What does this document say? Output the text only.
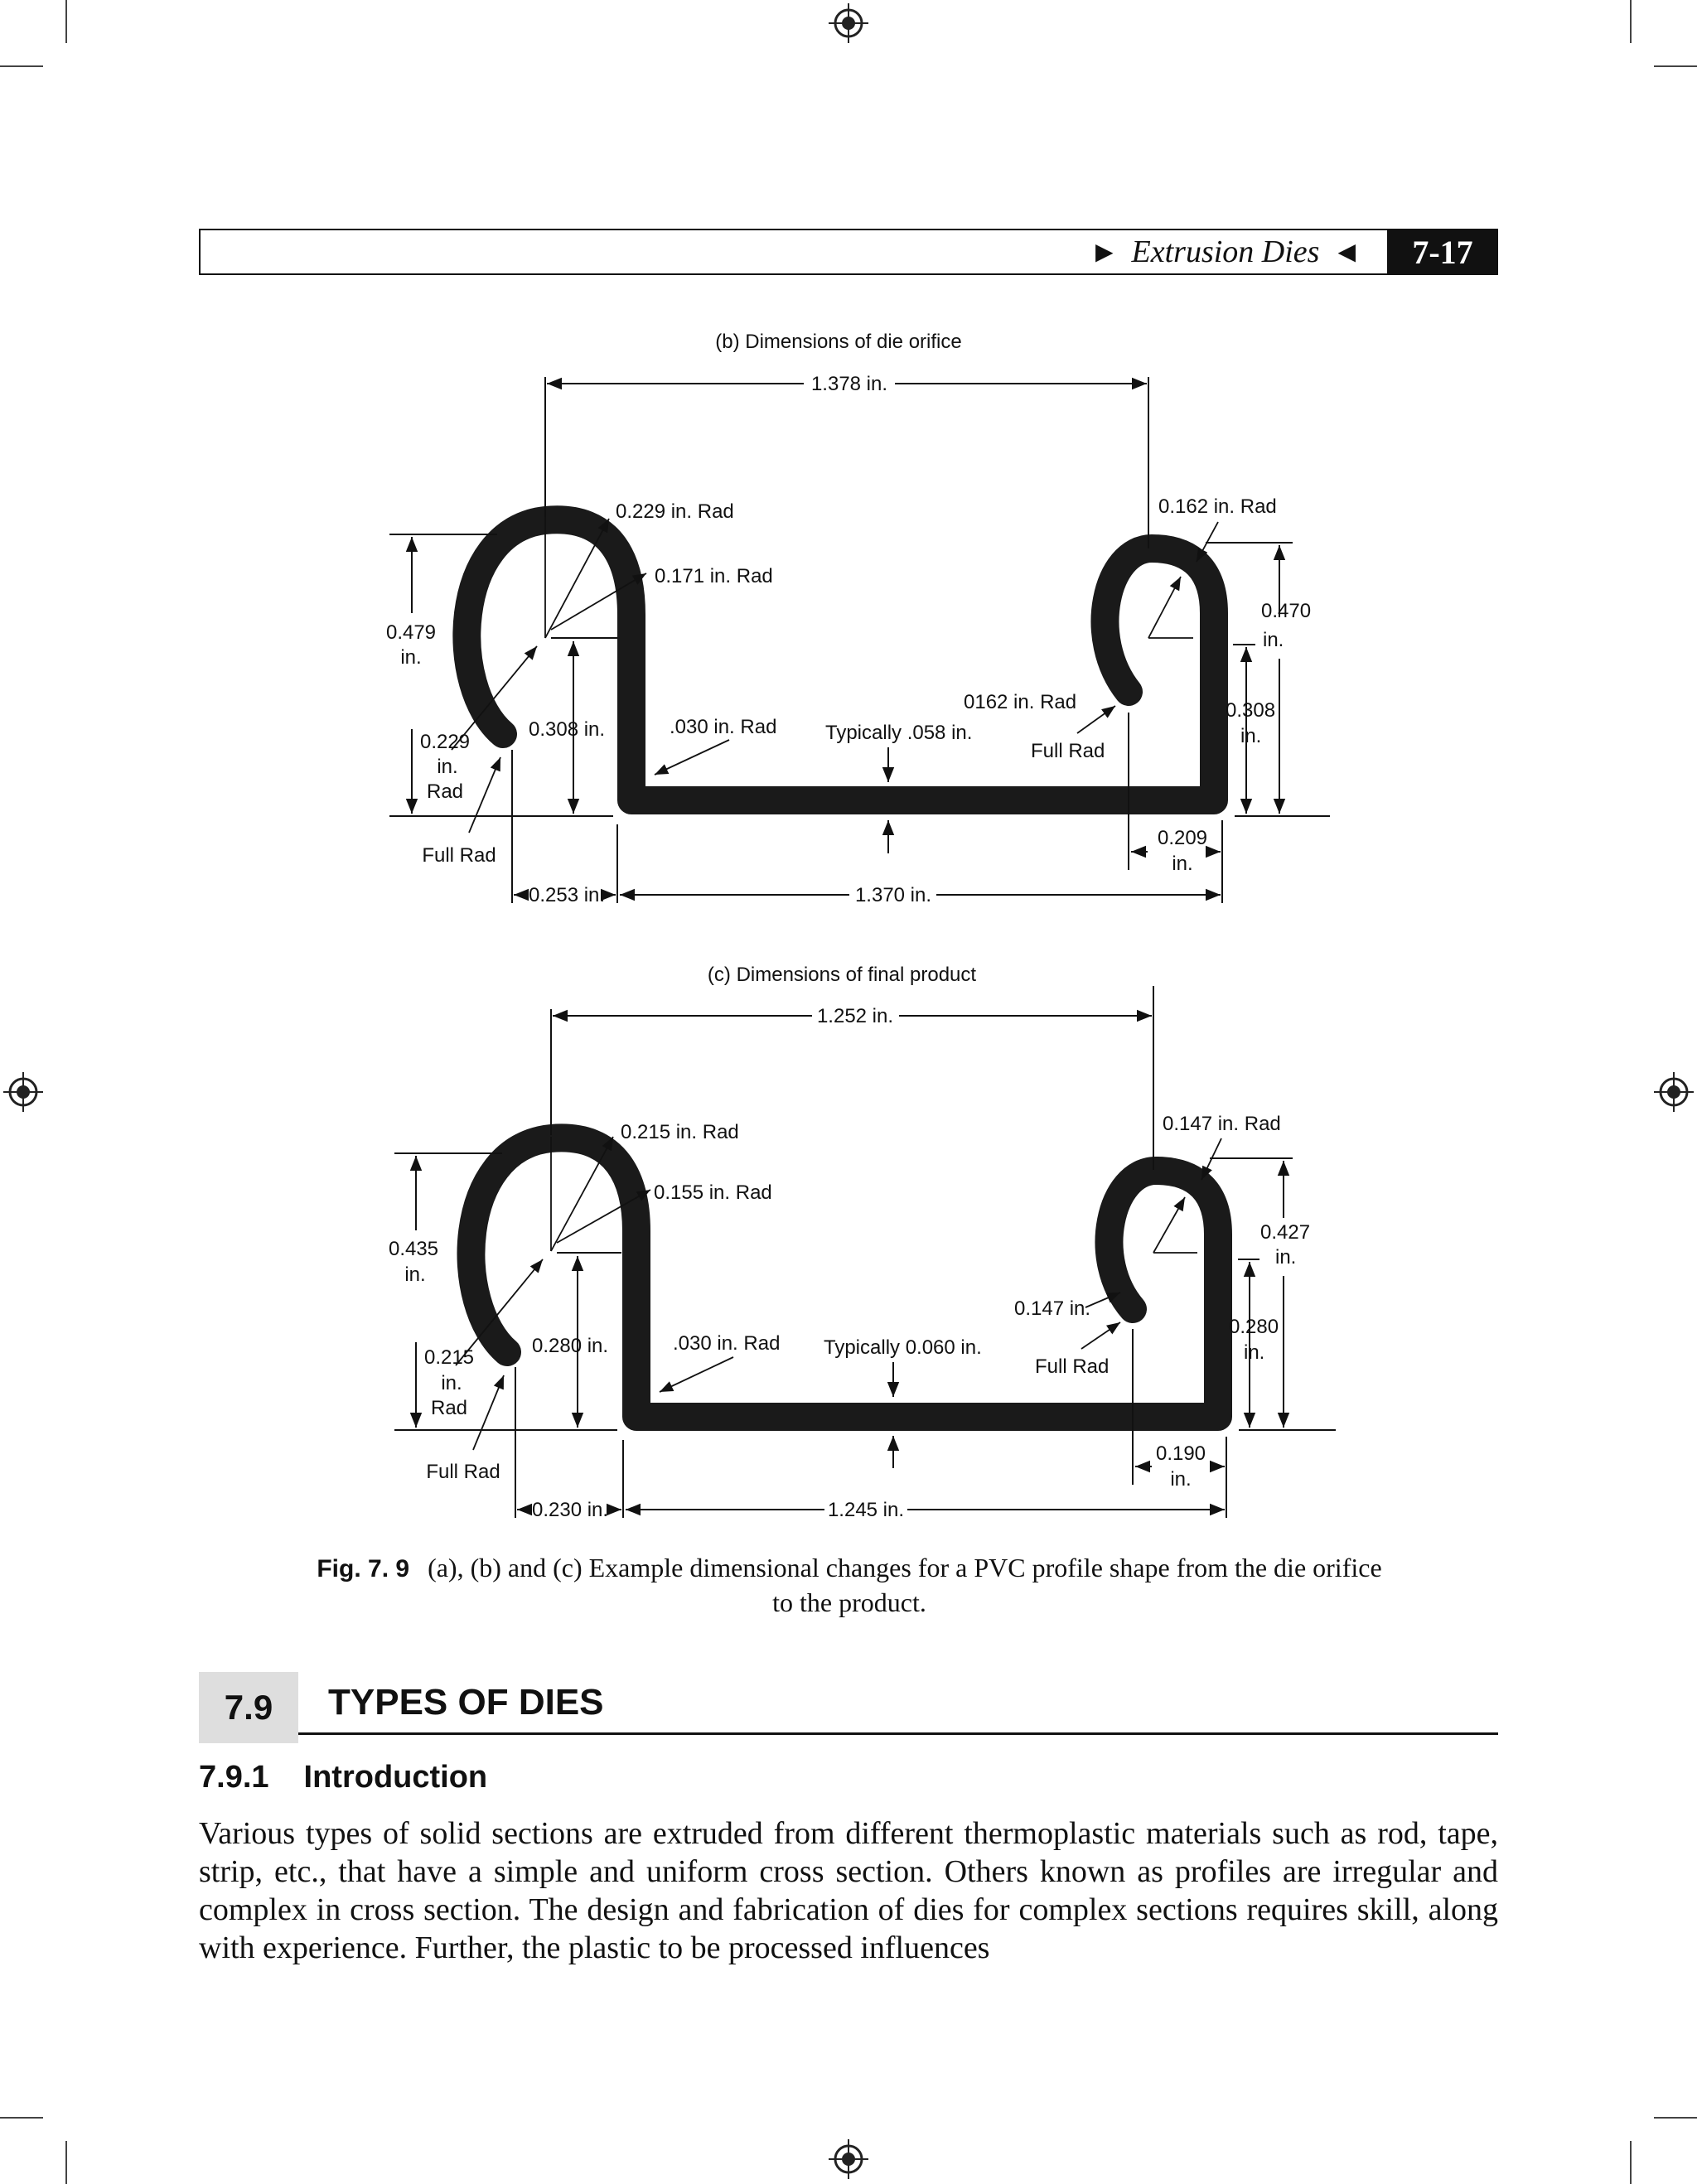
▶ Extrusion Dies ◀	7-17
(b) Dimensions of die orifice
1.378 in.
0.229 in. Rad
0.171 in. Rad
0.479
in.
0.229
in.
Rad
Full Rad
0.308 in.	.030 in. Rad Typically .058 in.
0.162 in. Rad
0162 in. Rad
Full Rad
0.470
in.
0.308
in.
0.209
in.
0.253 in.	1.370 in.
(c) Dimensions of final product
1.252 in.
0.215 in. Rad
0.155 in. Rad
0.435
in.
0.215
in.
Rad
Full Rad
0.280 in.	.030 in. Rad Typically 0.060 in.
0.147 in. Rad
0.147 in.
Full Rad
0.427
in.
0.280
in.
0.190
in.
0.230 in.	1.245 in.
Fig. 7. 9 (a), (b) and (c) Example dimensional changes for a PVC profile shape from the die orifice to the product.
7.9	TYPES OF DIES
7.9.1 Introduction
Various types of solid sections are extruded from different thermoplastic materials such as rod, tape, strip, etc., that have a simple and uniform cross section. Others known as profiles are irregular and complex in cross section. The design and fabrication of dies for complex sections requires skill, along with experience. Further, the plastic to be processed influences
